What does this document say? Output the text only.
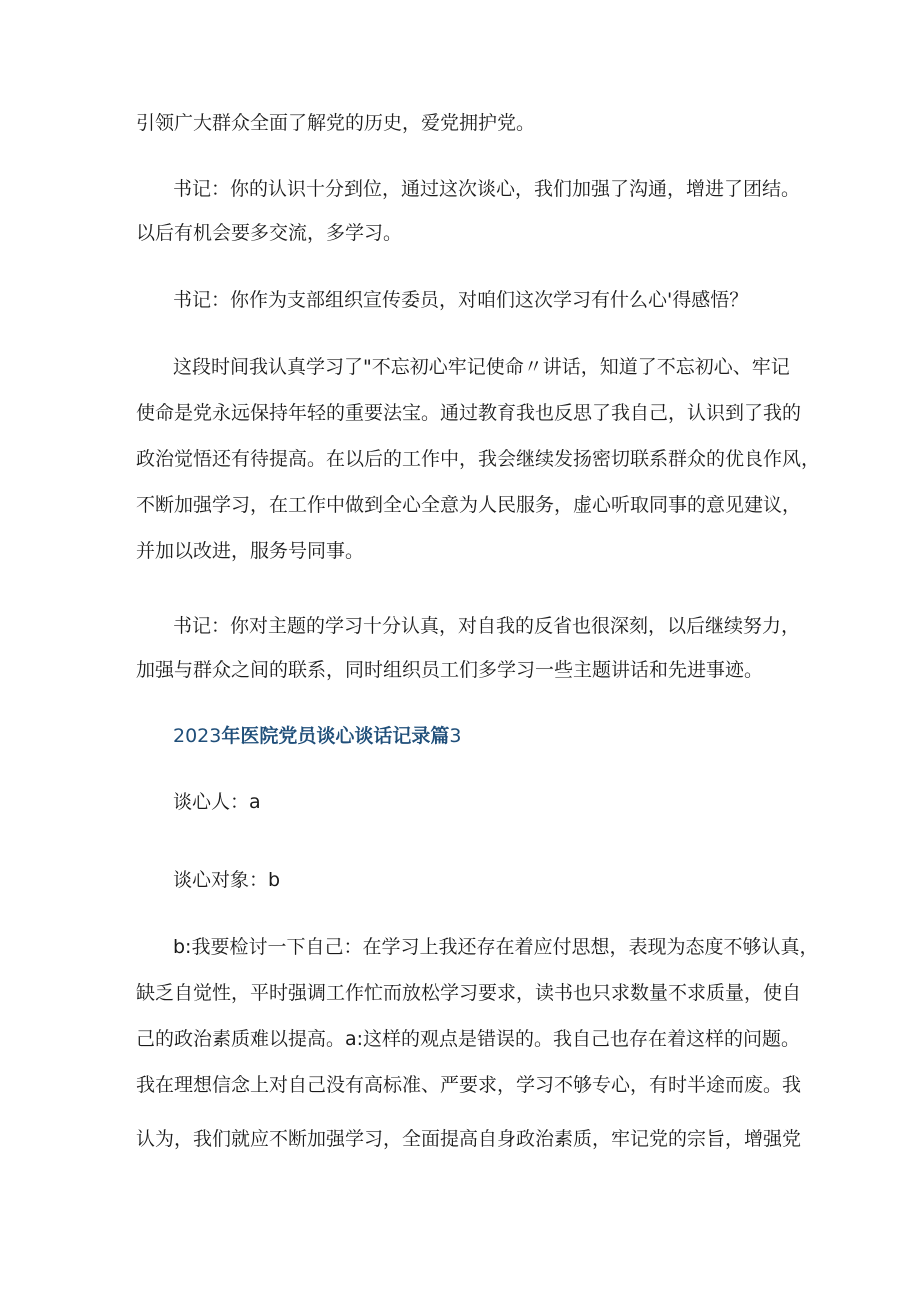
引领广大群众全面了解党的历史，爱党拥护党。

书记：你的认识十分到位，通过这次谈心，我们加强了沟通，增进了团结。

以后有机会要多交流，多学习。

书记：你作为支部组织宣传委员，对咱们这次学习有什么心'得感悟？

这段时间我认真学习了"不忘初心牢记使命〃讲话，知道了不忘初心、牢记

使命是党永远保持年轻的重要法宝。通过教育我也反思了我自己，认识到了我的

政治觉悟还有待提高。在以后的工作中，我会继续发扬密切联系群众的优良作风，

不断加强学习，在工作中做到全心全意为人民服务，虚心听取同事的意见建议，

并加以改进，服务号同事。

书记：你对主题的学习十分认真，对自我的反省也很深刻，以后继续努力，

加强与群众之间的联系，同时组织员工们多学习一些主题讲话和先进事迹。

2023年医院党员谈心谈话记录篇3

谈心人：a

谈心对象：b

b:我要检讨一下自己：在学习上我还存在着应付思想，表现为态度不够认真，

缺乏自觉性，平时强调工作忙而放松学习要求，读书也只求数量不求质量，使自

己的政治素质难以提高。a:这样的观点是错误的。我自己也存在着这样的问题。

我在理想信念上对自己没有高标准、严要求，学习不够专心，有时半途而废。我

认为，我们就应不断加强学习，全面提高自身政治素质，牢记党的宗旨，增强党
